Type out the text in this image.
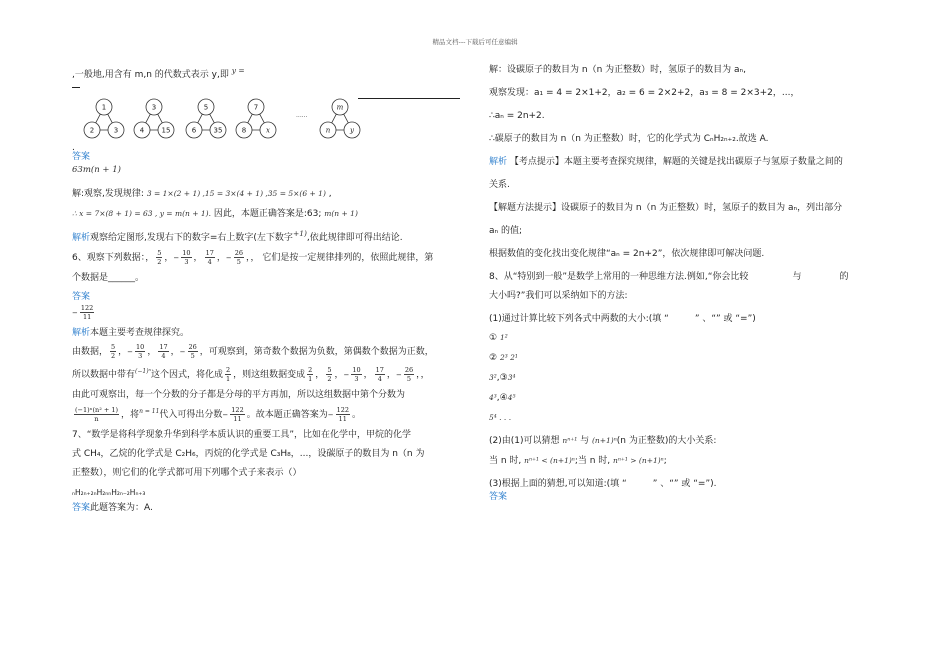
精品文档---下载后可任意编辑
,一般地,用含有 m,n 的代数式表示 y,即 $^{y =}$
1
2	3
3
4 15
5
6 35
7
8	x
m
n	y
......
.
答案
63m(n + 1)
解:观察,发现规律: 3 = 1×(2 + 1) ,15 = 3×(4 + 1) ,35 = 5×(6 + 1) ,
∴ x = 7×(8 + 1) = 63 , y = m(n + 1). 因此，本题正确答案是:63; m(n + 1)
解析观察给定图形,发现右下的数字=右上数字(左下数字$^{+1)}$,依此规律即可得出结论.
6、观察下列数据：， $\frac{5}{2}$ ，− $\frac{10}{3}$ ， $\frac{17}{4}$ ，− $\frac{26}{5}$ ，， 它们是按一定规律排列的，依照此规律，第
个数据是______。
答案
− $\frac{122}{11}$
解析本题主要考查规律探究。
由数据， $\frac{5}{2}$ ，− $\frac{10}{3}$ ， $\frac{17}{4}$ ，− $\frac{26}{5}$ ，可观察到，第奇数个数据为负数，第偶数个数据为正数，
所以数据中带有$^{(-1)^n}$这个因式，将化成 $\frac{2}{1}$ ，则这组数据变成 $\frac{2}{1}$ ， $\frac{5}{2}$ ，− $\frac{10}{3}$ ， $\frac{17}{4}$ ，− $\frac{26}{5}$ ，，
由此可观察出，每一个分数的分子都是分母的平方再加，所以这组数据中第个分数为
$\frac{\text{(−1)ⁿ(n² + 1)}}{n}$ ，将$^{n = 11}$代入可得出分数− $\frac{122}{11}$ 。故本题正确答案为− $\frac{122}{11}$ 。
7、“数学是将科学现象升华到科学本质认识的重要工具”，比如在化学中，甲烷的化学
式 CH₄，乙烷的化学式是 C₂H₆，丙烷的化学式是 C₃H₈，...，设碳原子的数目为 n（n 为
正整数），则它们的化学式都可用下列哪个式子来表示（）
ₙH₂ₙ₊₂ₙH₂ₙₙH₂ₙ₋₂Hₙ₊₃
答案此题答案为：A.
解：设碳原子的数目为 n（n 为正整数）时，氢原子的数目为 aₙ,
观察发现：a₁ = 4 = 2×1+2，a₂ = 6 = 2×2+2，a₃ = 8 = 2×3+2，...，
∴aₙ = 2n+2.
∴碳原子的数目为 n（n 为正整数）时，它的化学式为 CₙH₂ₙ₊₂.故选 A.
解析 【考点提示】本题主要考查探究规律，解题的关键是找出碳原子与氢原子数量之间的
关系.
【解题方法提示】设碳原子的数目为 n（n 为正整数）时，氢原子的数目为 aₙ，列出部分
aₙ 的值;
根据数值的变化找出变化规律“aₙ = 2n+2”，依次规律即可解决问题.
8、从“特别到一般”是数学上常用的一种思维方法.例如,“你会比较	与	的
大小吗?”我们可以采纳如下的方法:
(1)通过计算比较下列各式中两数的大小:(填 “	” 、“” 或 “=”)
① 1²
② 2³ 2¹
3²,③3⁴
4³,④4⁵
5⁴ . . .
(2)由(1)可以猜想 nⁿ⁺¹ 与 (n+1)ⁿ(n 为正整数)的大小关系:
当 n 时, nⁿ⁺¹ < (n+1)ⁿ;当 n 时, nⁿ⁺¹ > (n+1)ⁿ;
(3)根据上面的猜想,可以知道:(填 “	” 、“” 或 “=”).
答案
